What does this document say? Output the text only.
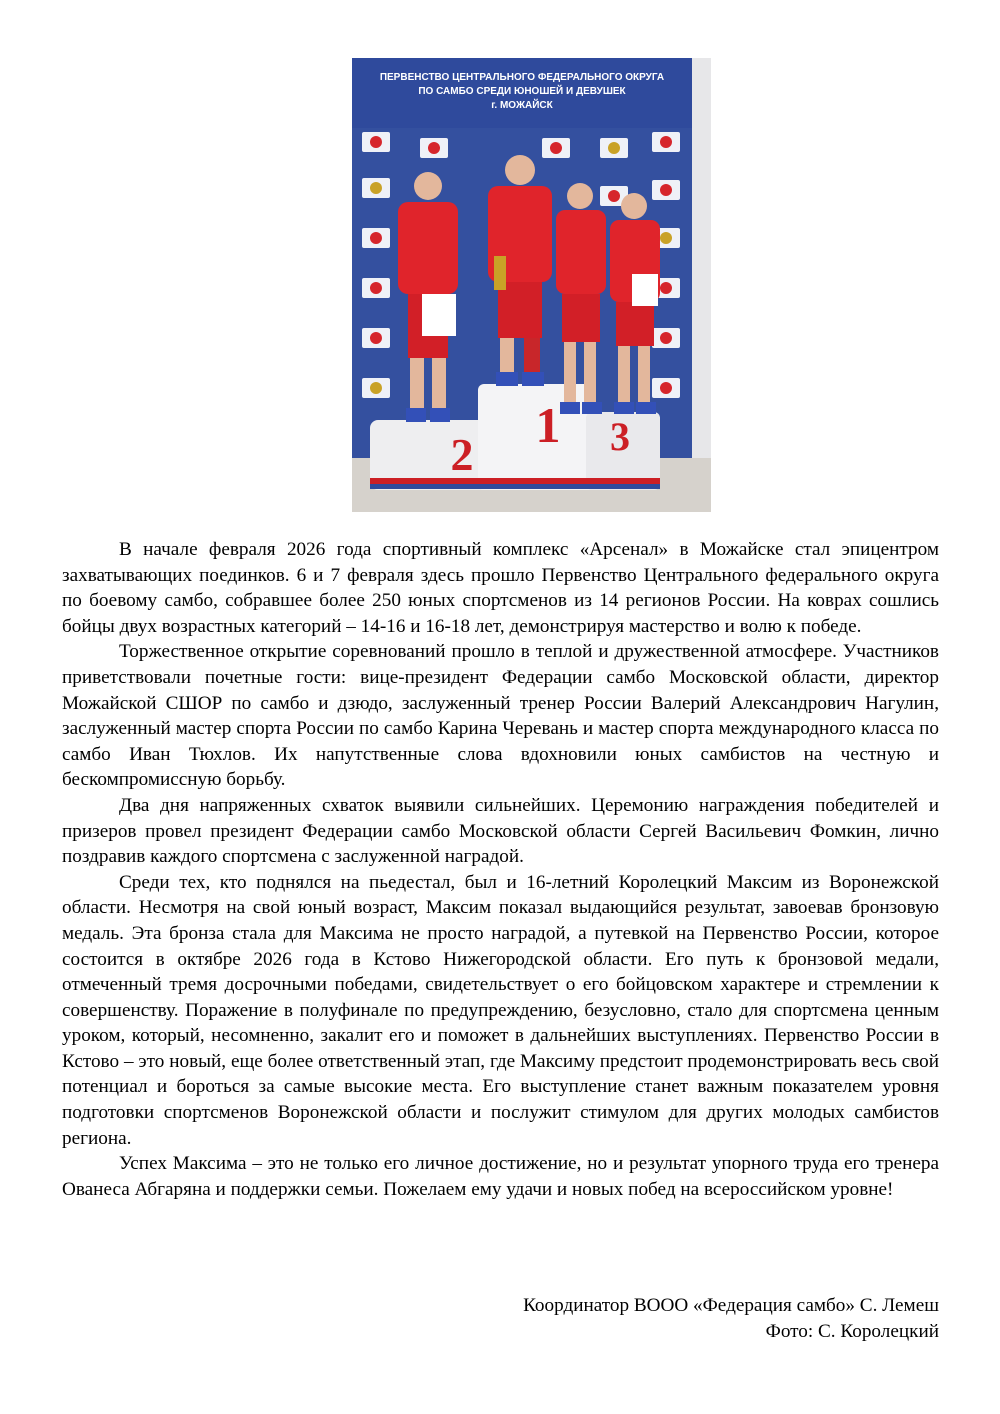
ПЕРВЕНСТВО ЦЕНТРАЛЬНОГО ФЕДЕРАЛЬНОГО ОКРУГА
ПО САМБО СРЕДИ ЮНОШЕЙ И ДЕВУШЕК
г. МОЖАЙСК
2
1 3

В начале февраля 2026 года спортивный комплекс «Арсенал» в Можайске стал эпицентром захватывающих поединков. 6 и 7 февраля здесь прошло Первенство Центрального федерального округа по боевому самбо, собравшее более 250 юных спортсменов из 14 регионов России. На коврах сошлись бойцы двух возрастных категорий – 14-16 и 16-18 лет, демонстрируя мастерство и волю к победе.

Торжественное открытие соревнований прошло в теплой и дружественной атмосфере. Участников приветствовали почетные гости: вице-президент Федерации самбо Московской области, директор Можайской СШОР по самбо и дзюдо, заслуженный тренер России Валерий Александрович Нагулин, заслуженный мастер спорта России по самбо Карина Черевань и мастер спорта международного класса по самбо Иван Тюхлов. Их напутственные слова вдохновили юных самбистов на честную и бескомпромиссную борьбу.

Два дня напряженных схваток выявили сильнейших. Церемонию награждения победителей и призеров провел президент Федерации самбо Московской области Сергей Васильевич Фомкин, лично поздравив каждого спортсмена с заслуженной наградой.

Среди тех, кто поднялся на пьедестал, был и 16-летний Королецкий Максим из Воронежской области. Несмотря на свой юный возраст, Максим показал выдающийся результат, завоевав бронзовую медаль. Эта бронза стала для Максима не просто наградой, а путевкой на Первенство России, которое состоится в октябре 2026 года в Кстово Нижегородской области. Его путь к бронзовой медали, отмеченный тремя досрочными победами, свидетельствует о его бойцовском характере и стремлении к совершенству. Поражение в полуфинале по предупреждению, безусловно, стало для спортсмена ценным уроком, который, несомненно, закалит его и поможет в дальнейших выступлениях. Первенство России в Кстово – это новый, еще более ответственный этап, где Максиму предстоит продемонстрировать весь свой потенциал и бороться за самые высокие места. Его выступление станет важным показателем уровня подготовки спортсменов Воронежской области и послужит стимулом для других молодых самбистов региона.

Успех Максима – это не только его личное достижение, но и результат упорного труда его тренера Ованеса Абгаряна и поддержки семьи. Пожелаем ему удачи и новых побед на всероссийском уровне!

Координатор ВООО «Федерация самбо» С. Лемеш
Фото: С. Королецкий
